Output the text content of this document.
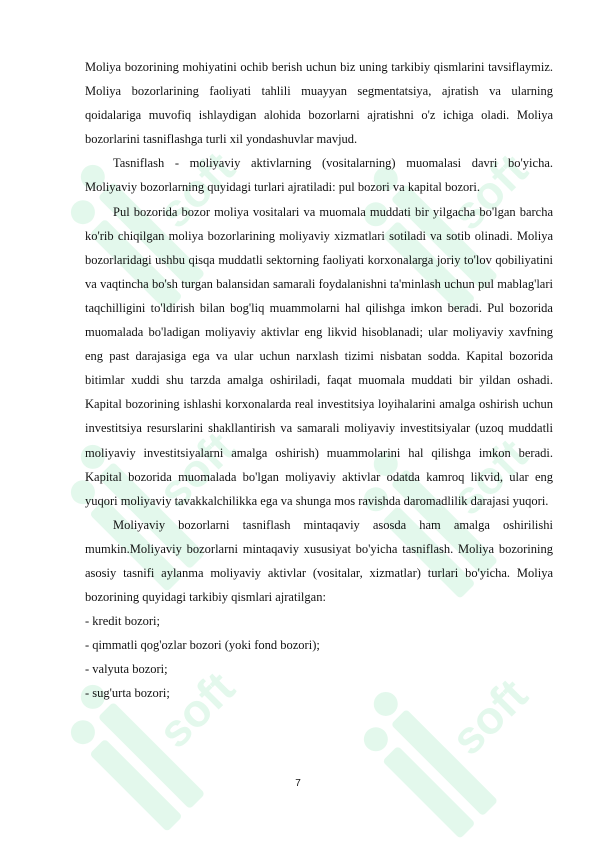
soft	soft
soft	soft
soft	soft

Moliya bozorining mohiyatini ochib berish uchun biz uning tarkibiy qismlarini tavsiflaymiz. Moliya bozorlarining faoliyati tahlili muayyan segmentatsiya, ajratish va ularning qoidalariga muvofiq ishlaydigan alohida bozorlarni ajratishni o'z ichiga oladi. Moliya bozorlarini tasniflashga turli xil yondashuvlar mavjud.

Tasniflash - moliyaviy aktivlarning (vositalarning) muomalasi davri bo'yicha. Moliyaviy bozorlarning quyidagi turlari ajratiladi: pul bozori va kapital bozori.

Pul bozorida bozor moliya vositalari va muomala muddati bir yilgacha bo'lgan barcha ko'rib chiqilgan moliya bozorlarining moliyaviy xizmatlari sotiladi va sotib olinadi. Moliya bozorlaridagi ushbu qisqa muddatli sektorning faoliyati korxonalarga joriy to'lov qobiliyatini va vaqtincha bo'sh turgan balansidan samarali foydalanishni ta'minlash uchun pul mablag'lari taqchilligini to'ldirish bilan bog'liq muammolarni hal qilishga imkon beradi. Pul bozorida muomalada bo'ladigan moliyaviy aktivlar eng likvid hisoblanadi; ular moliyaviy xavfning eng past darajasiga ega va ular uchun narxlash tizimi nisbatan sodda. Kapital bozorida bitimlar xuddi shu tarzda amalga oshiriladi, faqat muomala muddati bir yildan oshadi. Kapital bozorining ishlashi korxonalarda real investitsiya loyihalarini amalga oshirish uchun investitsiya resurslarini shakllantirish va samarali moliyaviy investitsiyalar (uzoq muddatli moliyaviy investitsiyalarni amalga oshirish) muammolarini hal qilishga imkon beradi. Kapital bozorida muomalada bo'lgan moliyaviy aktivlar odatda kamroq likvid, ular eng yuqori moliyaviy tavakkalchilikka ega va shunga mos ravishda daromadlilik darajasi yuqori.

Moliyaviy bozorlarni tasniflash mintaqaviy asosda ham amalga oshirilishi mumkin.Moliyaviy bozorlarni mintaqaviy xususiyat bo'yicha tasniflash. Moliya bozorining asosiy tasnifi aylanma moliyaviy aktivlar (vositalar, xizmatlar) turlari bo'yicha. Moliya bozorining quyidagi tarkibiy qismlari ajratilgan:

- kredit bozori;

- qimmatli qog'ozlar bozori (yoki fond bozori);

- valyuta bozori;

- sug'urta bozori;

7
